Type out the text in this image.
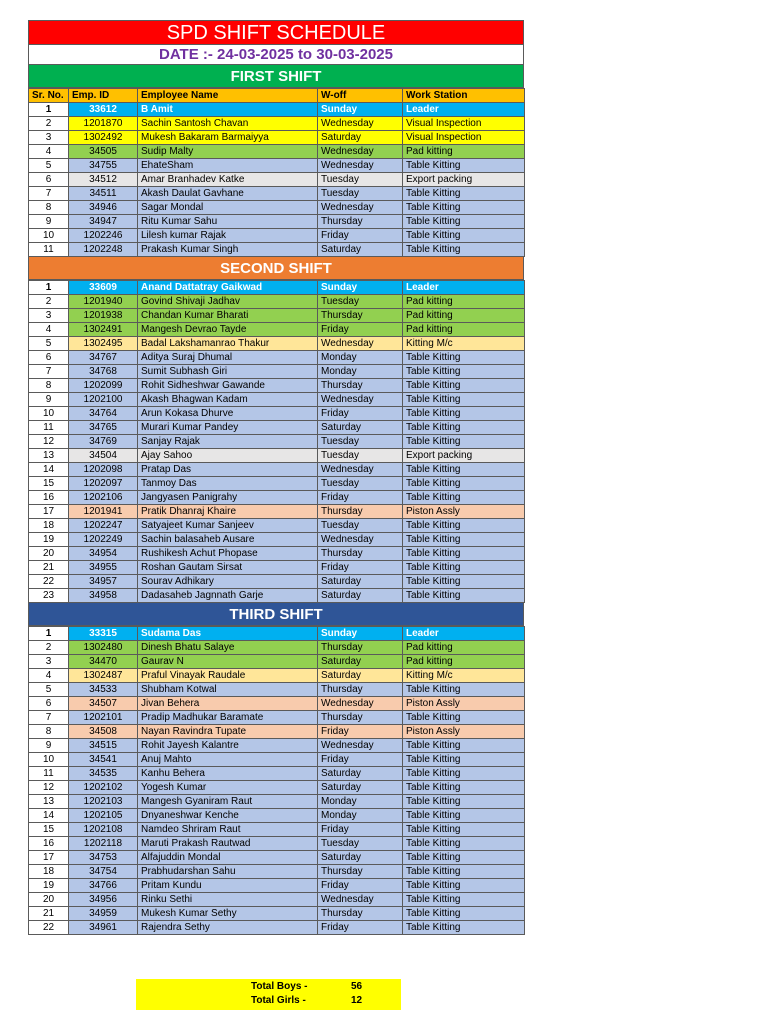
SPD SHIFT SCHEDULE
DATE :- 24-03-2025 to 30-03-2025
FIRST SHIFT
Sr. No.	Emp. ID	Employee Name	W-off	Work Station
1	33612	B Amit	Sunday	Leader
2	1201870	Sachin Santosh Chavan	Wednesday	Visual Inspection
3	1302492	Mukesh Bakaram Barmaiyya	Saturday	Visual Inspection
4	34505	Sudip Malty	Wednesday	Pad kitting
5	34755	EhateSham	Wednesday	Table Kitting
6	34512	Amar Branhadev Katke	Tuesday	Export packing
7	34511	Akash Daulat Gavhane	Tuesday	Table Kitting
8	34946	Sagar Mondal	Wednesday	Table Kitting
9	34947	Ritu Kumar Sahu	Thursday	Table Kitting
10	1202246	Lilesh kumar Rajak	Friday	Table Kitting
11	1202248	Prakash Kumar Singh	Saturday	Table Kitting
SECOND SHIFT
1	33609	Anand Dattatray Gaikwad	Sunday	Leader
2	1201940	Govind Shivaji Jadhav	Tuesday	Pad kitting
3	1201938	Chandan Kumar Bharati	Thursday	Pad kitting
4	1302491	Mangesh Devrao Tayde	Friday	Pad kitting
5	1302495	Badal Lakshamanrao Thakur	Wednesday	Kitting M/c
6	34767	Aditya Suraj Dhumal	Monday	Table Kitting
7	34768	Sumit Subhash Giri	Monday	Table Kitting
8	1202099	Rohit Sidheshwar Gawande	Thursday	Table Kitting
9	1202100	Akash Bhagwan Kadam	Wednesday	Table Kitting
10	34764	Arun Kokasa Dhurve	Friday	Table Kitting
11	34765	Murari Kumar Pandey	Saturday	Table Kitting
12	34769	Sanjay Rajak	Tuesday	Table Kitting
13	34504	Ajay Sahoo	Tuesday	Export packing
14	1202098	Pratap Das	Wednesday	Table Kitting
15	1202097	Tanmoy Das	Tuesday	Table Kitting
16	1202106	Jangyasen Panigrahy	Friday	Table Kitting
17	1201941	Pratik Dhanraj Khaire	Thursday	Piston Assly
18	1202247	Satyajeet Kumar Sanjeev	Tuesday	Table Kitting
19	1202249	Sachin balasaheb Ausare	Wednesday	Table Kitting
20	34954	Rushikesh Achut Phopase	Thursday	Table Kitting
21	34955	Roshan Gautam Sirsat	Friday	Table Kitting
22	34957	Sourav Adhikary	Saturday	Table Kitting
23	34958	Dadasaheb Jagnnath Garje	Saturday	Table Kitting
THIRD SHIFT
1	33315	Sudama Das	Sunday	Leader
2	1302480	Dinesh Bhatu Salaye	Thursday	Pad kitting
3	34470	Gaurav N	Saturday	Pad kitting
4	1302487	Praful Vinayak Raudale	Saturday	Kitting M/c
5	34533	Shubham Kotwal	Thursday	Table Kitting
6	34507	Jivan Behera	Wednesday	Piston Assly
7	1202101	Pradip Madhukar Baramate	Thursday	Table Kitting
8	34508	Nayan Ravindra Tupate	Friday	Piston Assly
9	34515	Rohit Jayesh Kalantre	Wednesday	Table Kitting
10	34541	Anuj Mahto	Friday	Table Kitting
11	34535	Kanhu Behera	Saturday	Table Kitting
12	1202102	Yogesh Kumar	Saturday	Table Kitting
13	1202103	Mangesh Gyaniram Raut	Monday	Table Kitting
14	1202105	Dnyaneshwar Kenche	Monday	Table Kitting
15	1202108	Namdeo Shriram Raut	Friday	Table Kitting
16	1202118	Maruti Prakash Rautwad	Tuesday	Table Kitting
17	34753	Alfajuddin Mondal	Saturday	Table Kitting
18	34754	Prabhudarshan Sahu	Thursday	Table Kitting
19	34766	Pritam Kundu	Friday	Table Kitting
20	34956	Rinku Sethi	Wednesday	Table Kitting
21	34959	Mukesh Kumar Sethy	Thursday	Table Kitting
22	34961	Rajendra Sethy	Friday	Table Kitting
Total Boys -	56
Total Girls -	12
